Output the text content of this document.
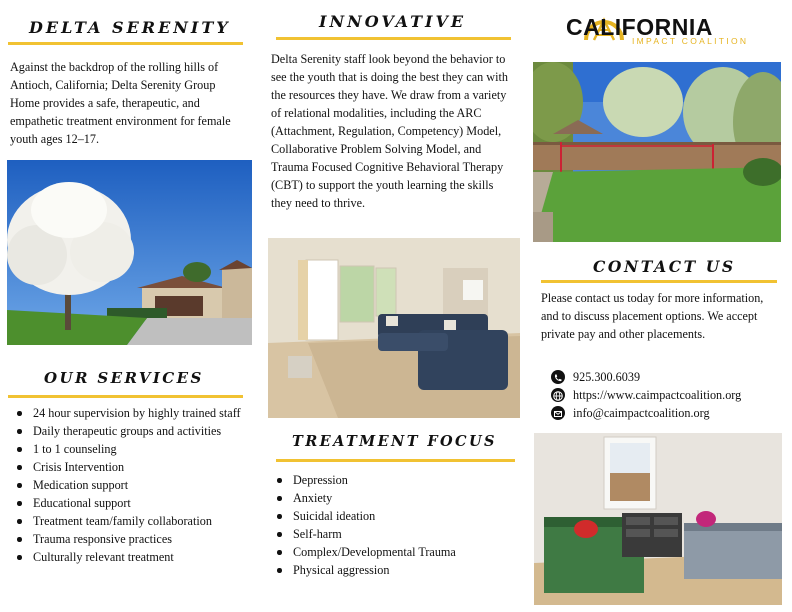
DELTA SERENITY
Against the backdrop of the rolling hills of Antioch, California; Delta Serenity Group Home provides a safe, therapeutic, and empathetic treatment environment for female youth ages 12–17.
OUR SERVICES
24 hour supervision by highly trained staff
Daily therapeutic groups and activities
1 to 1 counseling
Crisis Intervention
Medication support
Educational support
Treatment team/family collaboration
Trauma responsive practices
Culturally relevant treatment
INNOVATIVE
Delta Serenity staff look beyond the behavior to see the youth that is doing the best they can with the resources they have. We draw from a variety of relational modalities, including the ARC (Attachment, Regulation, Competency) Model, Collaborative Problem Solving Model, and Trauma Focused Cognitive Behavioral Therapy (CBT) to support the youth learning the skills they need to thrive.
TREATMENT FOCUS
Depression
Anxiety
Suicidal ideation
Self-harm
Complex/Developmental Trauma
Physical aggression
CALIFORNIA
IMPACT COALITION
CONTACT US
Please contact us today for more information, and to discuss placement options. We accept private pay and other placements.
925.300.6039
https://www.caimpactcoalition.org
info@caimpactcoalition.org
